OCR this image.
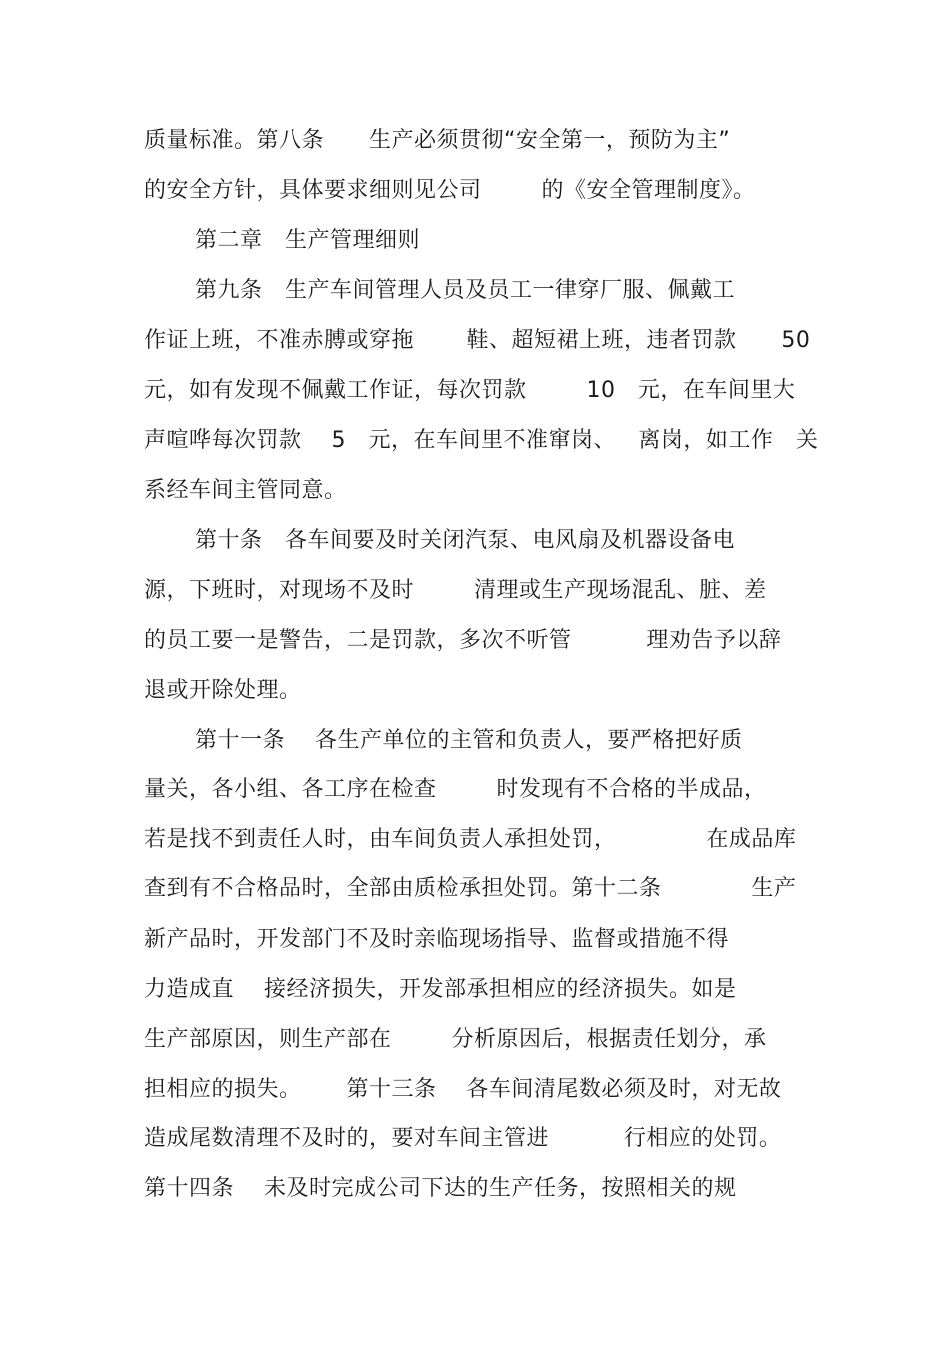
质量标准。第八条      生产必须贯彻“安全第一，预防为主”
的安全方针，具体要求细则见公司        的《安全管理制度》。
第二章   生产管理细则
第九条   生产车间管理人员及员工一律穿厂服、佩戴工
作证上班，不准赤膊或穿拖       鞋、超短裙上班，违者罚款      50
元，如有发现不佩戴工作证，每次罚款        10   元，在车间里大
声喧哗每次罚款    5   元，在车间里不准窜岗、   离岗，如工作   关
系经车间主管同意。
第十条   各车间要及时关闭汽泵、电风扇及机器设备电
源，下班时，对现场不及时        清理或生产现场混乱、脏、差
的员工要一是警告，二是罚款，多次不听管          理劝告予以辞
退或开除处理。
第十一条    各生产单位的主管和负责人，要严格把好质
量关，各小组、各工序在检查        时发现有不合格的半成品，
若是找不到责任人时，由车间负责人承担处罚，            在成品库
查到有不合格品时，全部由质检承担处罚。第十二条            生产
新产品时，开发部门不及时亲临现场指导、监督或措施不得
力造成直    接经济损失，开发部承担相应的经济损失。如是
生产部原因，则生产部在        分析原因后，根据责任划分，承
担相应的损失。      第十三条    各车间清尾数必须及时，对无故
造成尾数清理不及时的，要对车间主管进          行相应的处罚。
第十四条    未及时完成公司下达的生产任务，按照相关的规
